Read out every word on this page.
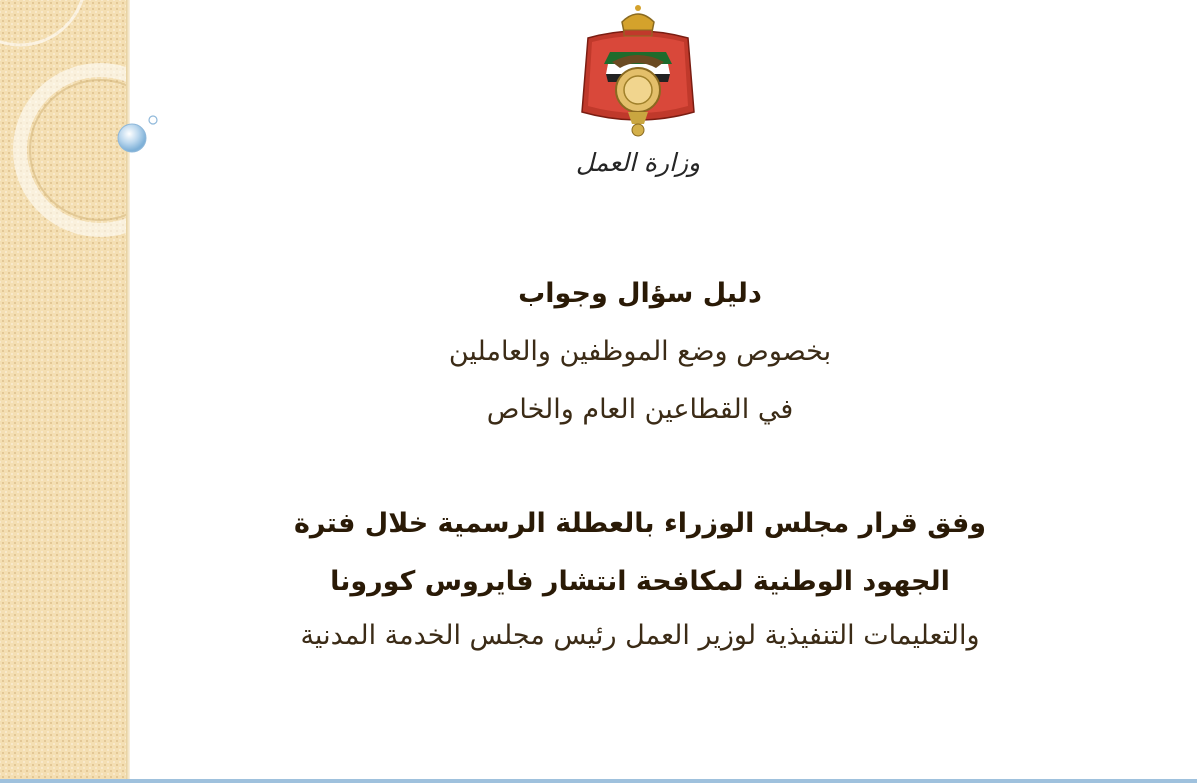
وزارة العمل
دليل سؤال وجواب
بخصوص وضع الموظفين والعاملين
في القطاعين العام والخاص
وفق قرار مجلس الوزراء بالعطلة الرسمية خلال فترة
الجهود الوطنية لمكافحة انتشار فايروس كورونا
والتعليمات التنفيذية لوزير العمل رئيس مجلس الخدمة المدنية
